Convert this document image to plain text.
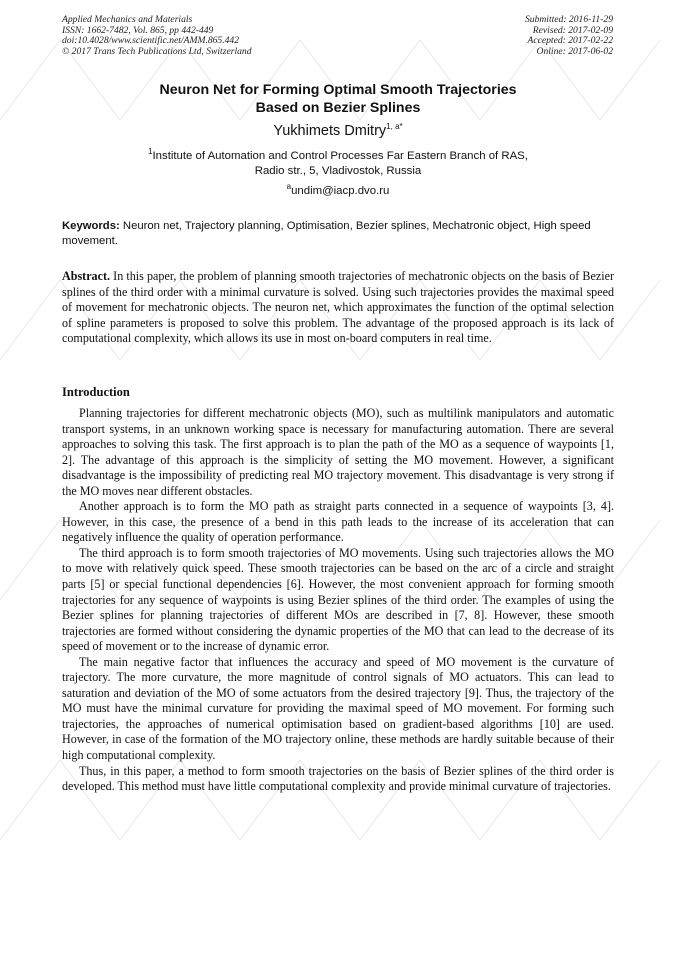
Applied Mechanics and Materials
ISSN: 1662-7482, Vol. 865, pp 442-449
doi:10.4028/www.scientific.net/AMM.865.442
© 2017 Trans Tech Publications Ltd, Switzerland
Submitted: 2016-11-29
Revised: 2017-02-09
Accepted: 2017-02-22
Online: 2017-06-02
Neuron Net for Forming Optimal Smooth Trajectories
Based on Bezier Splines
Yukhimets Dmitry$^{1, a*}$
$^1$Institute of Automation and Control Processes Far Eastern Branch of RAS,
Radio str., 5, Vladivostok, Russia
$^a$undim@iacp.dvo.ru
Keywords: Neuron net, Trajectory planning, Optimisation, Bezier splines, Mechatronic object, High speed movement.
Abstract. In this paper, the problem of planning smooth trajectories of mechatronic objects on the basis of Bezier splines of the third order with a minimal curvature is solved. Using such trajectories provides the maximal speed of movement for mechatronic objects. The neuron net, which approximates the function of the optimal selection of spline parameters is proposed to solve this problem. The advantage of the proposed approach is its lack of computational complexity, which allows its use in most on-board computers in real time.
Introduction

Planning trajectories for different mechatronic objects (MO), such as multilink manipulators and automatic transport systems, in an unknown working space is necessary for manufacturing automation. There are several approaches to solving this task. The first approach is to plan the path of the MO as a sequence of waypoints [1, 2]. The advantage of this approach is the simplicity of setting the MO movement. However, a significant disadvantage is the impossibility of predicting real MO trajectory movement. This disadvantage is very strong if the MO moves near different obstacles.

Another approach is to form the MO path as straight parts connected in a sequence of waypoints [3, 4]. However, in this case, the presence of a bend in this path leads to the increase of its acceleration that can negatively influence the quality of operation performance.

The third approach is to form smooth trajectories of MO movements. Using such trajectories allows the MO to move with relatively quick speed. These smooth trajectories can be based on the arc of a circle and straight parts [5] or special functional dependencies [6]. However, the most convenient approach for forming smooth trajectories for any sequence of waypoints is using Bezier splines of the third order. The examples of using the Bezier splines for planning trajectories of different MOs are described in [7, 8]. However, these smooth trajectories are formed without considering the dynamic properties of the MO that can lead to the decrease of its speed of movement or to the increase of dynamic error.

The main negative factor that influences the accuracy and speed of MO movement is the curvature of trajectory. The more curvature, the more magnitude of control signals of MO actuators. This can lead to saturation and deviation of the MO of some actuators from the desired trajectory [9]. Thus, the trajectory of the MO must have the minimal curvature for providing the maximal speed of MO movement. For forming such trajectories, the approaches of numerical optimisation based on gradient-based algorithms [10] are used. However, in case of the formation of the MO trajectory online, these methods are hardly suitable because of their high computational complexity.

Thus, in this paper, a method to form smooth trajectories on the basis of Bezier splines of the third order is developed. This method must have little computational complexity and provide minimal curvature of trajectories.
